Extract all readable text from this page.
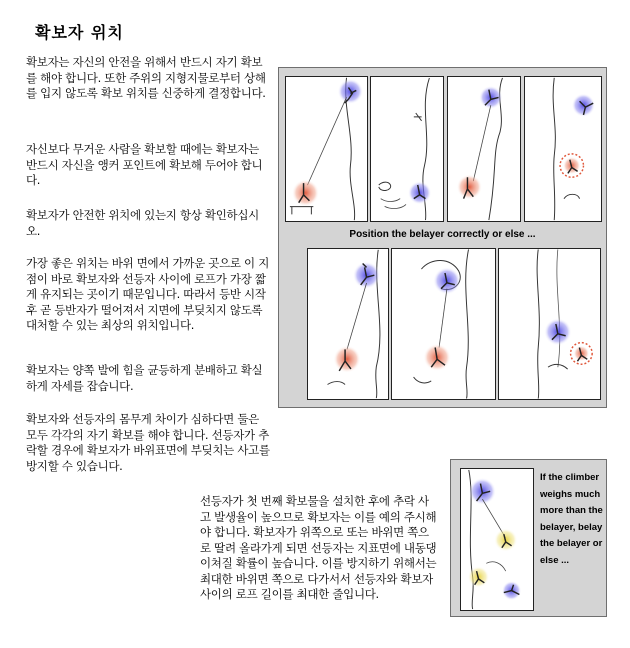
확보자 위치

확보자는 자신의 안전을 위해서 반드시 자기 확보를 해야 합니다. 또한 주위의 지형지물로부터 상해를 입지 않도록 확보 위치를 신중하게 결정합니다.

자신보다 무거운 사람을 확보할 때에는 확보자는 반드시 자신을 앵커 포인트에 확보해 두어야 합니다.

확보자가 안전한 위치에 있는지 항상 확인하십시오.

가장 좋은 위치는 바위 면에서 가까운 곳으로 이 지점이 바로 확보자와 선등자 사이에 로프가 가장 짧게 유지되는 곳이기 때문입니다. 따라서 등반 시작 후 곧 등반자가 떨어져서 지면에 부딪치지 않도록 대처할 수 있는 최상의 위치입니다.

확보자는 양쪽 발에 힘을 균등하게 분배하고 확실하게 자세를 잡습니다.

확보자와 선등자의 몸무게 차이가 심하다면 둘은 모두 각각의 자기 확보를 해야 합니다. 선등자가 추락할 경우에 확보자가 바위표면에 부딪치는 사고를 방지할 수 있습니다.

선등자가 첫 번째 확보물을 설치한 후에 추락 사고 발생율이 높으므로 확보자는 이를 예의 주시해야 합니다. 확보자가 위쪽으로 또는 바위면 쪽으로 딸려 올라가게 되면 선등자는 지표면에 내동댕이쳐질 확률이 높습니다. 이를 방지하기 위해서는 최대한 바위면 쪽으로 다가서서 선등자와 확보자 사이의 로프 길이를 최대한 줄입니다.

Position the belayer correctly or else ...
If the climber weighs much more than the belayer, belay the belayer or else ...
